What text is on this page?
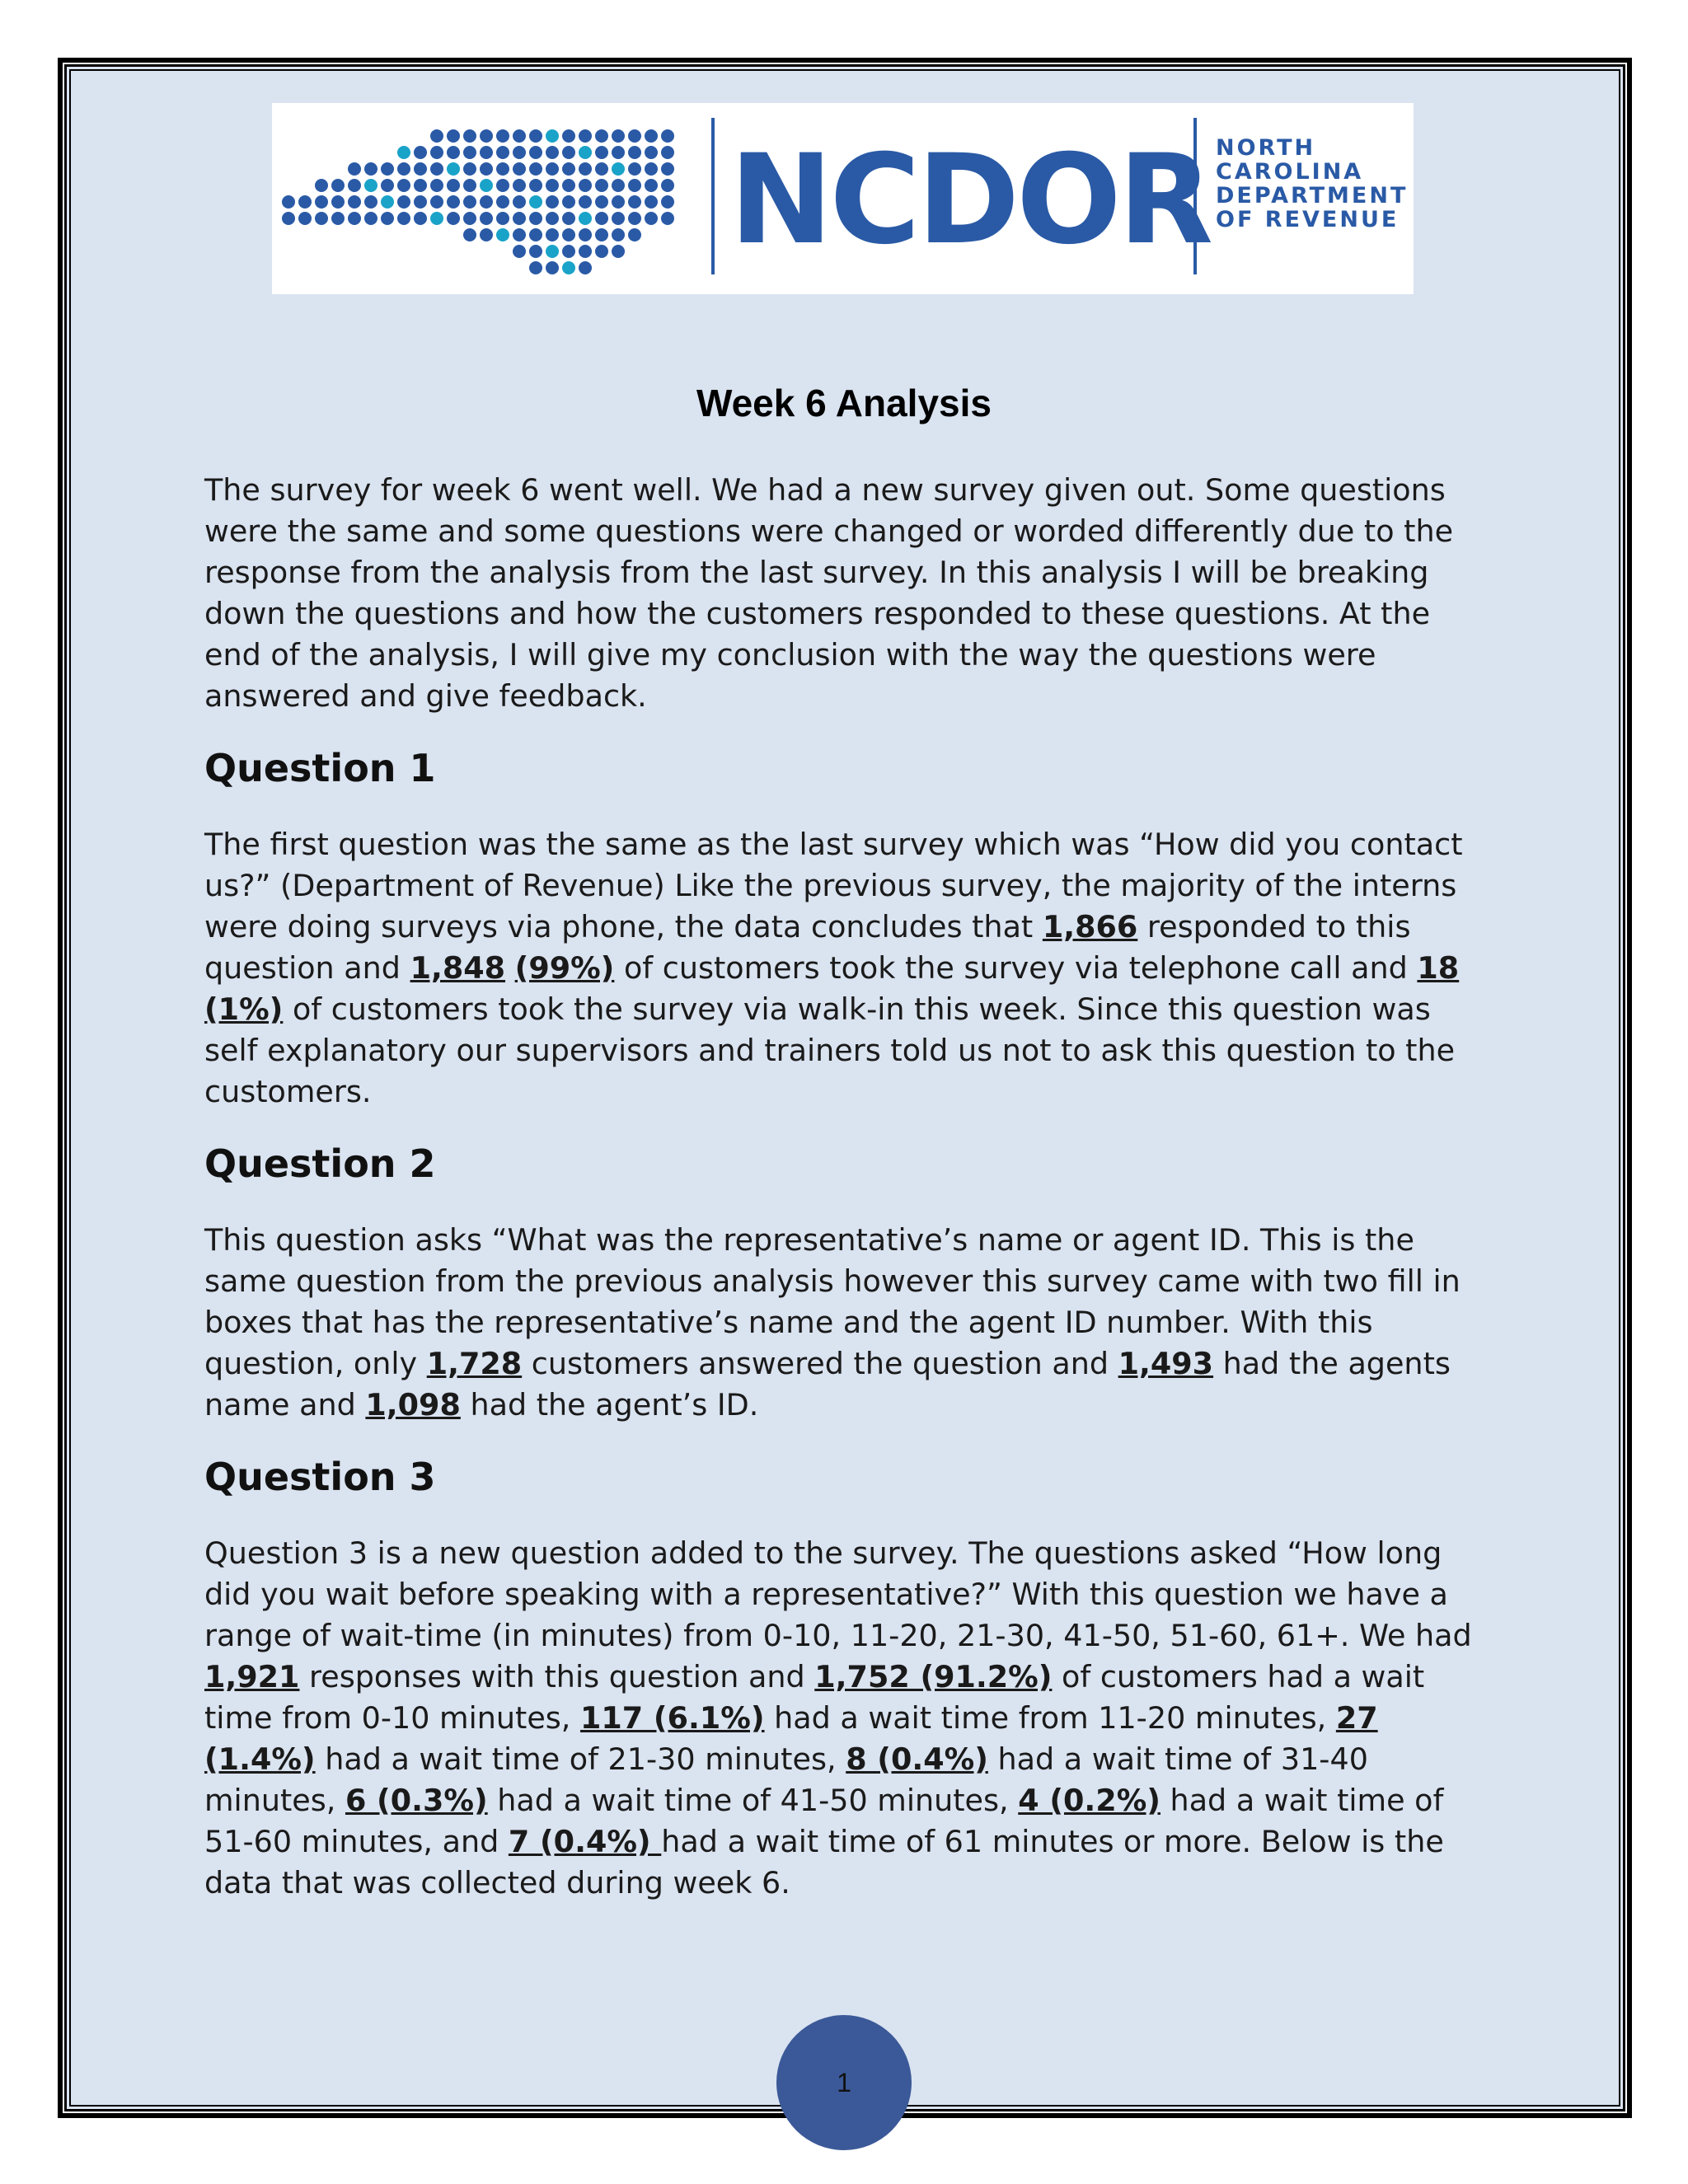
NCDOR NORTH
CAROLINA
DEPARTMENT
OF REVENUE
Week 6 Analysis

The survey for week 6 went well. We had a new survey given out. Some questions were the same and some questions were changed or worded differently due to the response from the analysis from the last survey. In this analysis I will be breaking down the questions and how the customers responded to these questions. At the end of the analysis, I will give my conclusion with the way the questions were answered and give feedback.

Question 1

The first question was the same as the last survey which was “How did you contact us?” (Department of Revenue) Like the previous survey, the majority of the interns were doing surveys via phone, the data concludes that 1,866 responded to this question and 1,848 (99%) of customers took the survey via telephone call and 18 (1%) of customers took the survey via walk-in this week. Since this question was self explanatory our supervisors and trainers told us not to ask this question to the customers.

Question 2

This question asks “What was the representative’s name or agent ID. This is the same question from the previous analysis however this survey came with two fill in boxes that has the representative’s name and the agent ID number. With this question, only 1,728 customers answered the question and 1,493 had the agents name and 1,098 had the agent’s ID.

Question 3

Question 3 is a new question added to the survey. The questions asked “How long did you wait before speaking with a representative?” With this question we have a range of wait-time (in minutes) from 0-10, 11-20, 21-30, 41-50, 51-60, 61+. We had 1,921 responses with this question and 1,752 (91.2%) of customers had a wait time from 0-10 minutes, 117 (6.1%) had a wait time from 11-20 minutes, 27 (1.4%) had a wait time of 21-30 minutes, 8 (0.4%) had a wait time of 31-40 minutes, 6 (0.3%) had a wait time of 41-50 minutes, 4 (0.2%) had a wait time of 51-60 minutes, and 7 (0.4%) had a wait time of 61 minutes or more. Below is the data that was collected during week 6.

1
